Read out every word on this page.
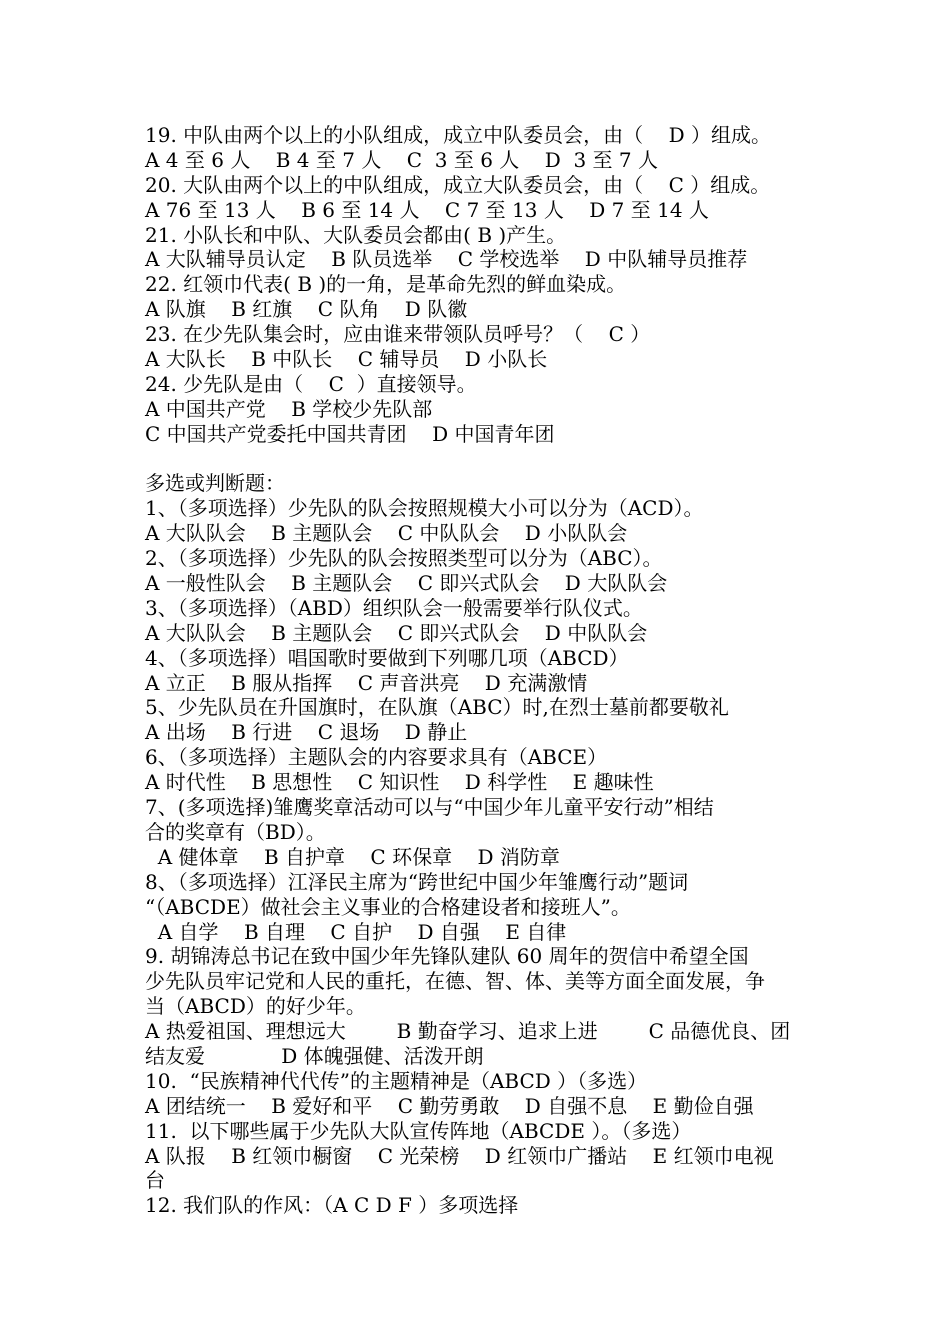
19. 中队由两个以上的小队组成，成立中队委员会，由（    D ）组成。
A 4 至 6 人    B 4 至 7 人    C  3 至 6 人    D  3 至 7 人
20. 大队由两个以上的中队组成，成立大队委员会，由（    C ）组成。
A 76 至 13 人    B 6 至 14 人    C 7 至 13 人    D 7 至 14 人
21. 小队长和中队、大队委员会都由( B )产生。
A 大队辅导员认定    B 队员选举    C 学校选举    D 中队辅导员推荐
22. 红领巾代表( B )的一角，是革命先烈的鲜血染成。
A 队旗    B 红旗    C 队角    D 队徽
23. 在少先队集会时，应由谁来带领队员呼号？（    C ）
A 大队长    B 中队长    C 辅导员    D 小队长
24. 少先队是由（    C  ）直接领导。
A 中国共产党    B 学校少先队部
C 中国共产党委托中国共青团    D 中国青年团
多选或判断题：
1、（多项选择）少先队的队会按照规模大小可以分为（ACD）。
A 大队队会    B 主题队会    C 中队队会    D 小队队会
2、（多项选择）少先队的队会按照类型可以分为（ABC）。
A 一般性队会    B 主题队会    C 即兴式队会    D 大队队会
3、（多项选择）（ABD）组织队会一般需要举行队仪式。
A 大队队会    B 主题队会    C 即兴式队会    D 中队队会
4、（多项选择）唱国歌时要做到下列哪几项（ABCD）
A 立正    B 服从指挥    C 声音洪亮    D 充满激情
5、少先队员在升国旗时，在队旗（ABC）时,在烈士墓前都要敬礼
A 出场    B 行进    C 退场    D 静止
6、（多项选择）主题队会的内容要求具有（ABCE）
A 时代性    B 思想性    C 知识性    D 科学性    E 趣味性
7、(多项选择)雏鹰奖章活动可以与“中国少年儿童平安行动”相结
合的奖章有（BD）。
A 健体章    B 自护章    C 环保章    D 消防章
8、（多项选择）江泽民主席为“跨世纪中国少年雏鹰行动”题词
“（ABCDE）做社会主义事业的合格建设者和接班人”。
A 自学    B 自理    C 自护    D 自强    E 自律
9. 胡锦涛总书记在致中国少年先锋队建队 60 周年的贺信中希望全国
少先队员牢记党和人民的重托，在德、智、体、美等方面全面发展，争
当（ABCD）的好少年。
A 热爱祖国、理想远大        B 勤奋学习、追求上进        C 品德优良、团
结友爱            D 体魄强健、活泼开朗
10.  “民族精神代代传”的主题精神是（ABCD ）（多选）
A 团结统一    B 爱好和平    C 勤劳勇敢    D 自强不息    E 勤俭自强
11.  以下哪些属于少先队大队宣传阵地（ABCDE ）。（多选）
A 队报    B 红领巾橱窗    C 光荣榜    D 红领巾广播站    E 红领巾电视
台
12. 我们队的作风：（A C D F ）多项选择
